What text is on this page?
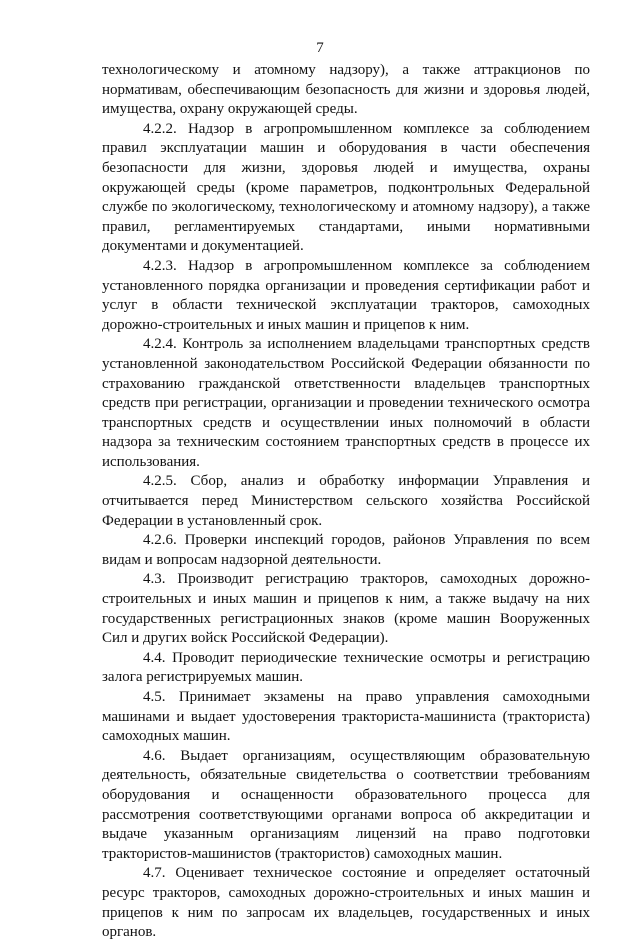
7

технологическому и атомному надзору), а также аттракционов по нормативам, обеспечивающим безопасность для жизни и здоровья людей, имущества, охрану окружающей среды.

4.2.2. Надзор в агропромышленном комплексе за соблюдением правил эксплуатации машин и оборудования в части обеспечения безопасности для жизни, здоровья людей и имущества, охраны окружающей среды (кроме параметров, подконтрольных Федеральной службе по экологическому, технологическому и атомному надзору), а также правил, регламентируемых стандартами, иными нормативными документами и документацией.

4.2.3. Надзор в агропромышленном комплексе за соблюдением установленного порядка организации и проведения сертификации работ и услуг в области технической эксплуатации тракторов, самоходных дорожно-строительных и иных машин и прицепов к ним.

4.2.4. Контроль за исполнением владельцами транспортных средств установленной законодательством Российской Федерации обязанности по страхованию гражданской ответственности владельцев транспортных средств при регистрации, организации и проведении технического осмотра транспортных средств и осуществлении иных полномочий в области надзора за техническим состоянием транспортных средств в процессе их использования.

4.2.5. Сбор, анализ и обработку информации Управления и отчитывается перед Министерством сельского хозяйства Российской Федерации в установленный срок.

4.2.6. Проверки инспекций городов, районов Управления по всем видам и вопросам надзорной деятельности.

4.3. Производит регистрацию тракторов, самоходных дорожно-строительных и иных машин и прицепов к ним, а также выдачу на них государственных регистрационных знаков (кроме машин Вооруженных Сил и других войск Российской Федерации).

4.4. Проводит периодические технические осмотры и регистрацию залога регистрируемых машин.

4.5. Принимает экзамены на право управления самоходными машинами и выдает удостоверения тракториста-машиниста (тракториста) самоходных машин.

4.6. Выдает организациям, осуществляющим образовательную деятельность, обязательные свидетельства о соответствии требованиям оборудования и оснащенности образовательного процесса для рассмотрения соответствующими органами вопроса об аккредитации и выдаче указанным организациям лицензий на право подготовки трактористов-машинистов (трактористов) самоходных машин.

4.7. Оценивает техническое состояние и определяет остаточный ресурс тракторов, самоходных дорожно-строительных и иных машин и прицепов к ним по запросам их владельцев, государственных и иных органов.
